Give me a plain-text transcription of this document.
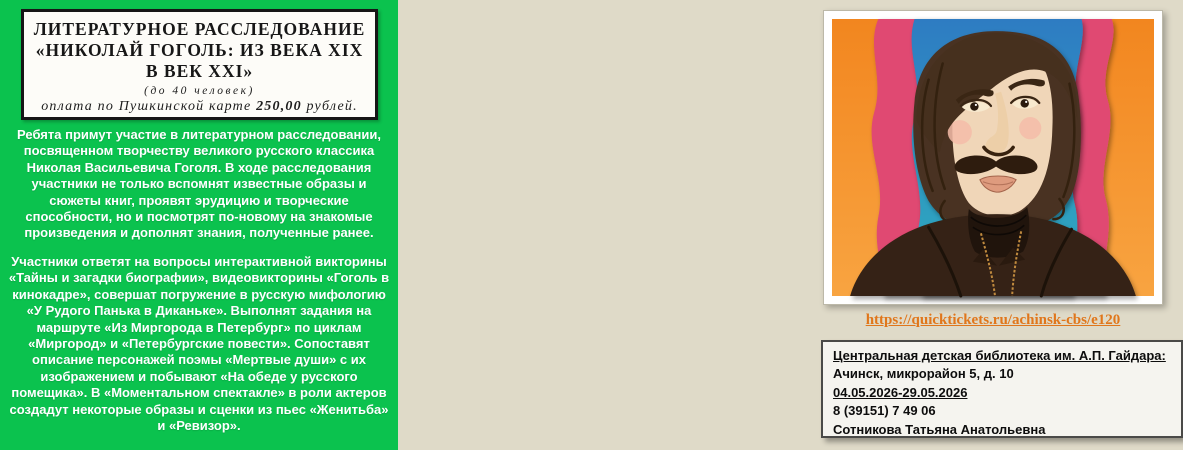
ЛИТЕРАТУРНОЕ РАССЛЕДОВАНИЕ
«НИКОЛАЙ ГОГОЛЬ: ИЗ ВЕКА XIX
В ВЕК XXI»
(до 40 человек)
оплата по Пушкинской карте 250,00 рублей.
Ребята примут участие в литературном расследовании, посвященном творчеству великого русского классика Николая Васильевича Гоголя. В ходе расследования участники не только вспомнят известные образы и сюжеты книг, проявят эрудицию и творческие способности, но и посмотрят по-новому на знакомые произведения и дополнят знания, полученные ранее.
Участники ответят на вопросы интерактивной викторины «Тайны и загадки биографии», видеовикторины «Гоголь в кинокадре», совершат погружение в русскую мифологию «У Рудого Панька в Диканьке». Выполнят задания на маршруте «Из Миргорода в Петербург» по циклам «Миргород» и «Петербургские повести». Сопоставят описание персонажей поэмы «Мертвые души» с их изображением и побывают «На обеде у русского помещика». В «Моментальном спектакле» в роли актеров создадут некоторые образы и сценки из пьес «Женитьба» и «Ревизор».
https://quicktickets.ru/achinsk-cbs/e120
Центральная детская библиотека им. А.П. Гайдара:
Ачинск, микрорайон 5, д. 10
04.05.2026-29.05.2026
8 (39151) 7 49 06
Сотникова Татьяна Анатольевна
